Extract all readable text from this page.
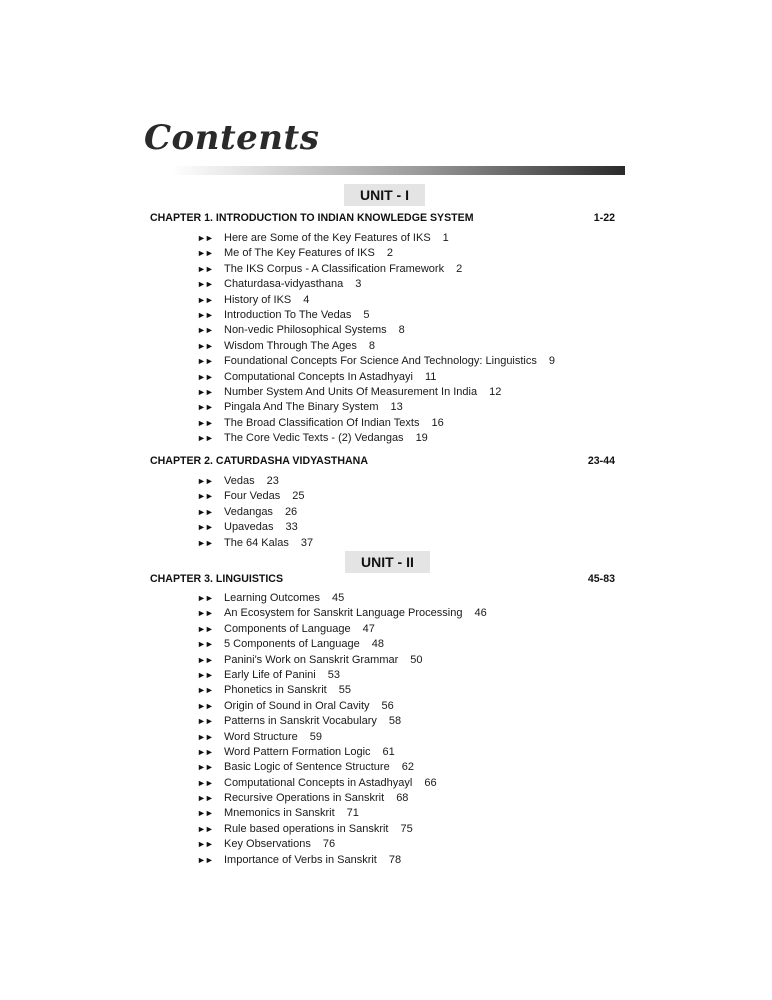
Contents
UNIT - I
CHAPTER 1. INTRODUCTION TO INDIAN KNOWLEDGE SYSTEM	1-22
►► Here are Some of the Key Features of IKS 1
►► Me of The Key Features of IKS 2
►► The IKS Corpus - A Classification Framework 2
►► Chaturdasa-vidyasthana 3
►► History of IKS 4
►► Introduction To The Vedas 5
►► Non-vedic Philosophical Systems 8
►► Wisdom Through The Ages 8
►► Foundational Concepts For Science And Technology: Linguistics 9
►► Computational Concepts In Astadhyayi 11
►► Number System And Units Of Measurement In India 12
►► Pingala And The Binary System 13
►► The Broad Classification Of Indian Texts 16
►► The Core Vedic Texts - (2) Vedangas 19
CHAPTER 2. CATURDASHA VIDYASTHANA	23-44
►► Vedas 23
►► Four Vedas 25
►► Vedangas 26
►► Upavedas 33
►► The 64 Kalas 37
UNIT - II
CHAPTER 3. LINGUISTICS	45-83
►► Learning Outcomes 45
►► An Ecosystem for Sanskrit Language Processing 46
►► Components of Language 47
►► 5 Components of Language 48
►► Panini's Work on Sanskrit Grammar 50
►► Early Life of Panini 53
►► Phonetics in Sanskrit 55
►► Origin of Sound in Oral Cavity 56
►► Patterns in Sanskrit Vocabulary 58
►► Word Structure 59
►► Word Pattern Formation Logic 61
►► Basic Logic of Sentence Structure 62
►► Computational Concepts in Astadhyayl 66
►► Recursive Operations in Sanskrit 68
►► Mnemonics in Sanskrit 71
►► Rule based operations in Sanskrit 75
►► Key Observations 76
►► Importance of Verbs in Sanskrit 78
